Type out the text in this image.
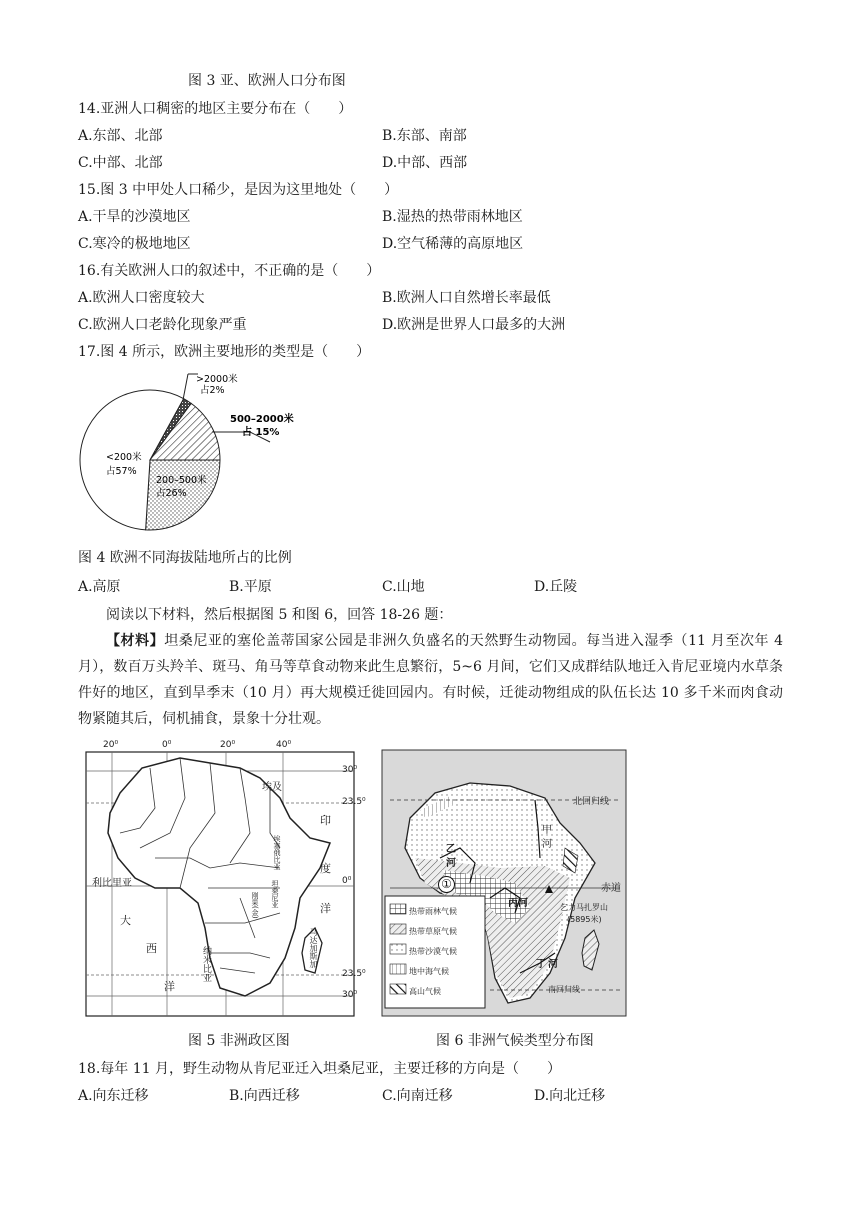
图 3 亚、欧洲人口分布图
14.亚洲人口稠密的地区主要分布在（　　）
A.东部、北部	B.东部、南部
C.中部、北部	D.中部、西部
15.图 3 中甲处人口稀少，是因为这里地处（　　）
A.干旱的沙漠地区	B.湿热的热带雨林地区
C.寒冷的极地地区	D.空气稀薄的高原地区
16.有关欧洲人口的叙述中，不正确的是（　　）
A.欧洲人口密度较大	B.欧洲人口自然增长率最低
C.欧洲人口老龄化现象严重	D.欧洲是世界人口最多的大洲
17.图 4 所示，欧洲主要地形的类型是（　　）
>2000米
占2%
500–2000米
占 15%
<200米
占57%
200–500米
占26%
图 4 欧洲不同海拔陆地所占的比例
A.高原	B.平原	C.山地	D.丘陵
阅读以下材料，然后根据图 5 和图 6，回答 18-26 题：
【材料】坦桑尼亚的塞伦盖蒂国家公园是非洲久负盛名的天然野生动物园。每当进入湿季（11 月至次年 4 月），数百万头羚羊、斑马、角马等草食动物来此生息繁衍，5~6 月间，它们又成群结队地迁入肯尼亚境内水草条件好的地区，直到旱季末（10 月）再大规模迁徙回园内。有时候，迁徙动物组成的队伍长达 10 多千米而肉食动物紧随其后，伺机捕食，景象十分壮观。
20⁰	0⁰	20⁰	40⁰
30⁰
23.5⁰
0⁰
23.5⁰
30⁰
埃及
印
度
洋
利比里亚
大
西
洋
纳米比亚	马达加斯加
埃塞俄比亚
刚果(金) 坦桑尼亚
甲
河
北回归线
乙
河
赤道
丙河	乞力马扎罗山
(5895米)
丁 河
南回归线
①
热带雨林气候
热带草原气候
热带沙漠气候
地中海气候
高山气候
图 5 非洲政区图	图 6 非洲气候类型分布图
18.每年 11 月，野生动物从肯尼亚迁入坦桑尼亚，主要迁移的方向是（　　）
A.向东迁移	B.向西迁移	C.向南迁移	D.向北迁移
